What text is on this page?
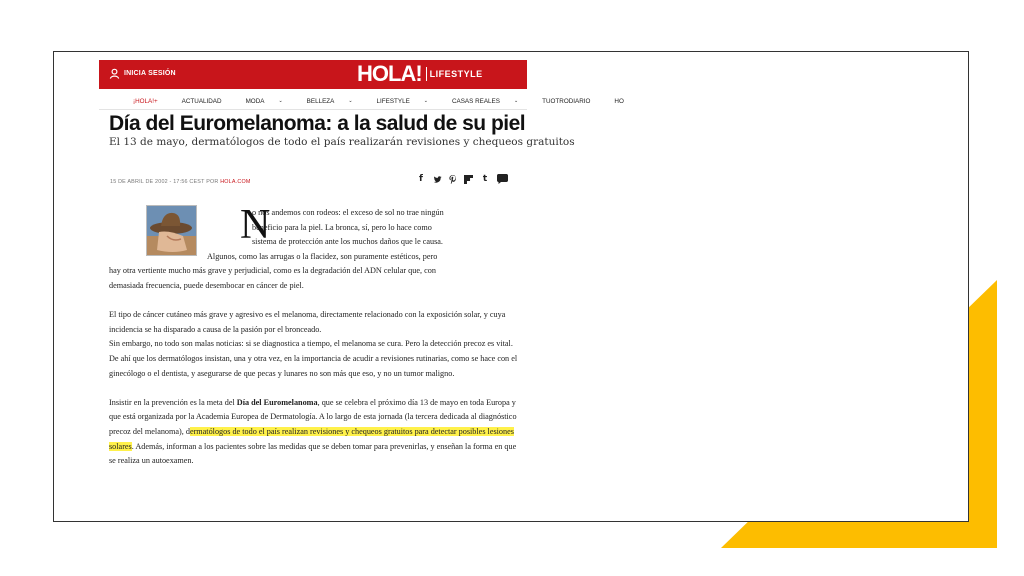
INICIA SESIÓN	HOLA! LIFESTYLE
¡HOLA!+	ACTUALIDAD	MODA	⌄	BELLEZA	⌄	LIFESTYLE	⌄	CASAS REALES	⌄	TUOTRODIARIO	HO
Día del Euromelanoma: a la salud de su piel

El 13 de mayo, dermatólogos de todo el país realizarán revisiones y chequeos gratuitos

15 DE ABRIL DE 2002 - 17:56 CEST POR HOLA.COM	f	t
N
o nos andemos con rodeos: el exceso de sol no trae ningún
beneficio para la piel. La bronca, sí, pero lo hace como
sistema de protección ante los muchos daños que le causa.
Algunos, como las arrugas o la flacidez, son puramente estéticos, pero
hay otra vertiente mucho más grave y perjudicial, como es la degradación del ADN celular que, con
demasiada frecuencia, puede desembocar en cáncer de piel.

El tipo de cáncer cutáneo más grave y agresivo es el melanoma, directamente relacionado con la exposición solar, y cuya incidencia se ha disparado a causa de la pasión por el bronceado.
Sin embargo, no todo son malas noticias: si se diagnostica a tiempo, el melanoma se cura. Pero la detección precoz es vital. De ahí que los dermatólogos insistan, una y otra vez, en la importancia de acudir a revisiones rutinarias, como se hace con el ginecólogo o el dentista, y asegurarse de que pecas y lunares no son más que eso, y no un tumor maligno.

Insistir en la prevención es la meta del Día del Euromelanoma, que se celebra el próximo día 13 de mayo en toda Europa y que está organizada por la Academia Europea de Dermatología. A lo largo de esta jornada (la tercera dedicada al diagnóstico precoz del melanoma), dermatólogos de todo el país realizan revisiones y chequeos gratuitos para detectar posibles lesiones solares. Además, informan a los pacientes sobre las medidas que se deben tomar para prevenirlas, y enseñan la forma en que se realiza un autoexamen.
